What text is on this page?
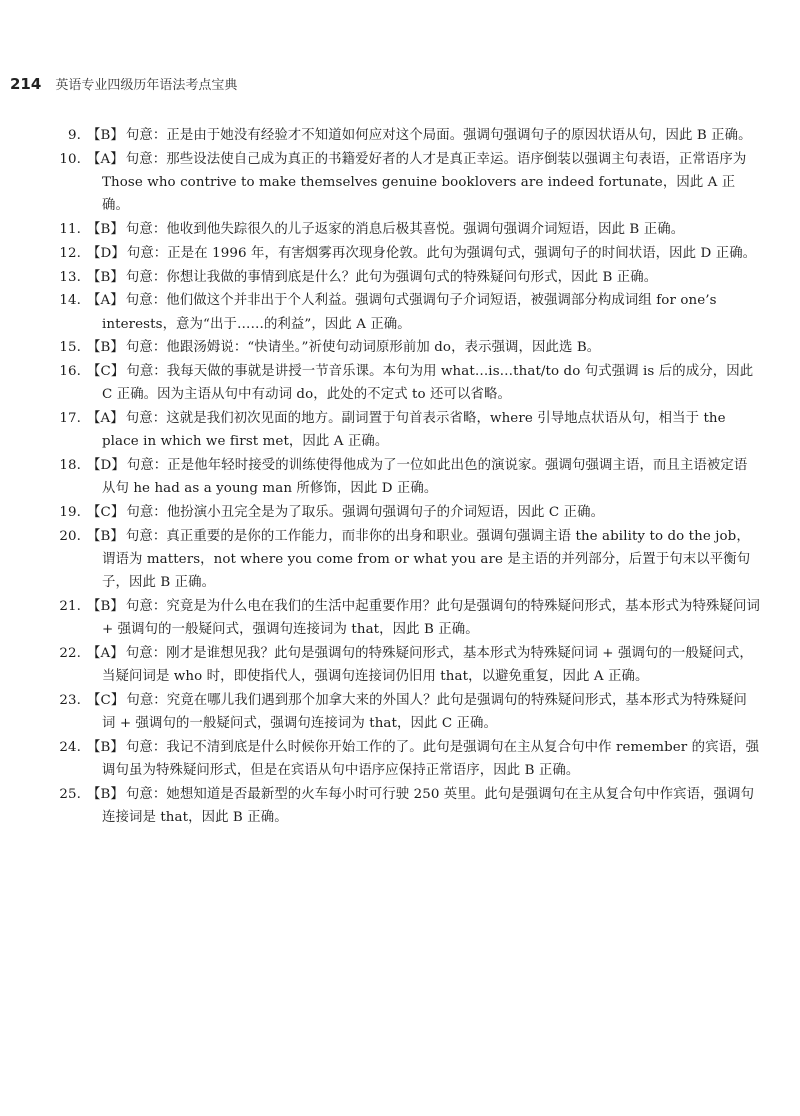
214 英语专业四级历年语法考点宝典
9. 【B】 句意：正是由于她没有经验才不知道如何应对这个局面。强调句强调句子的原因状语从句，因此 B 正确。
10. 【A】 句意：那些设法使自己成为真正的书籍爱好者的人才是真正幸运。语序倒装以强调主句表语，正常语序为 Those who contrive to make themselves genuine booklovers are indeed fortunate，因此 A 正确。
11. 【B】 句意：他收到他失踪很久的儿子返家的消息后极其喜悦。强调句强调介词短语，因此 B 正确。
12. 【D】 句意：正是在 1996 年，有害烟雾再次现身伦敦。此句为强调句式，强调句子的时间状语，因此 D 正确。
13. 【B】 句意：你想让我做的事情到底是什么？此句为强调句式的特殊疑问句形式，因此 B 正确。
14. 【A】 句意：他们做这个并非出于个人利益。强调句式强调句子介词短语，被强调部分构成词组 for one’s interests，意为“出于……的利益”，因此 A 正确。
15. 【B】 句意：他跟汤姆说：“快请坐。”祈使句动词原形前加 do，表示强调，因此选 B。
16. 【C】 句意：我每天做的事就是讲授一节音乐课。本句为用 what…is…that/to do 句式强调 is 后的成分，因此 C 正确。因为主语从句中有动词 do，此处的不定式 to 还可以省略。
17. 【A】 句意：这就是我们初次见面的地方。副词置于句首表示省略，where 引导地点状语从句，相当于 the place in which we first met，因此 A 正确。
18. 【D】 句意：正是他年轻时接受的训练使得他成为了一位如此出色的演说家。强调句强调主语，而且主语被定语从句 he had as a young man 所修饰，因此 D 正确。
19. 【C】 句意：他扮演小丑完全是为了取乐。强调句强调句子的介词短语，因此 C 正确。
20. 【B】 句意：真正重要的是你的工作能力，而非你的出身和职业。强调句强调主语 the ability to do the job，谓语为 matters，not where you come from or what you are 是主语的并列部分，后置于句末以平衡句子，因此 B 正确。
21. 【B】 句意：究竟是为什么电在我们的生活中起重要作用？此句是强调句的特殊疑问形式，基本形式为特殊疑问词 + 强调句的一般疑问式，强调句连接词为 that，因此 B 正确。
22. 【A】 句意：刚才是谁想见我？此句是强调句的特殊疑问形式，基本形式为特殊疑问词 + 强调句的一般疑问式，当疑问词是 who 时，即使指代人，强调句连接词仍旧用 that，以避免重复，因此 A 正确。
23. 【C】 句意：究竟在哪儿我们遇到那个加拿大来的外国人？此句是强调句的特殊疑问形式，基本形式为特殊疑问词 + 强调句的一般疑问式，强调句连接词为 that，因此 C 正确。
24. 【B】 句意：我记不清到底是什么时候你开始工作的了。此句是强调句在主从复合句中作 remember 的宾语，强调句虽为特殊疑问形式，但是在宾语从句中语序应保持正常语序，因此 B 正确。
25. 【B】 句意：她想知道是否最新型的火车每小时可行驶 250 英里。此句是强调句在主从复合句中作宾语，强调句连接词是 that，因此 B 正确。
